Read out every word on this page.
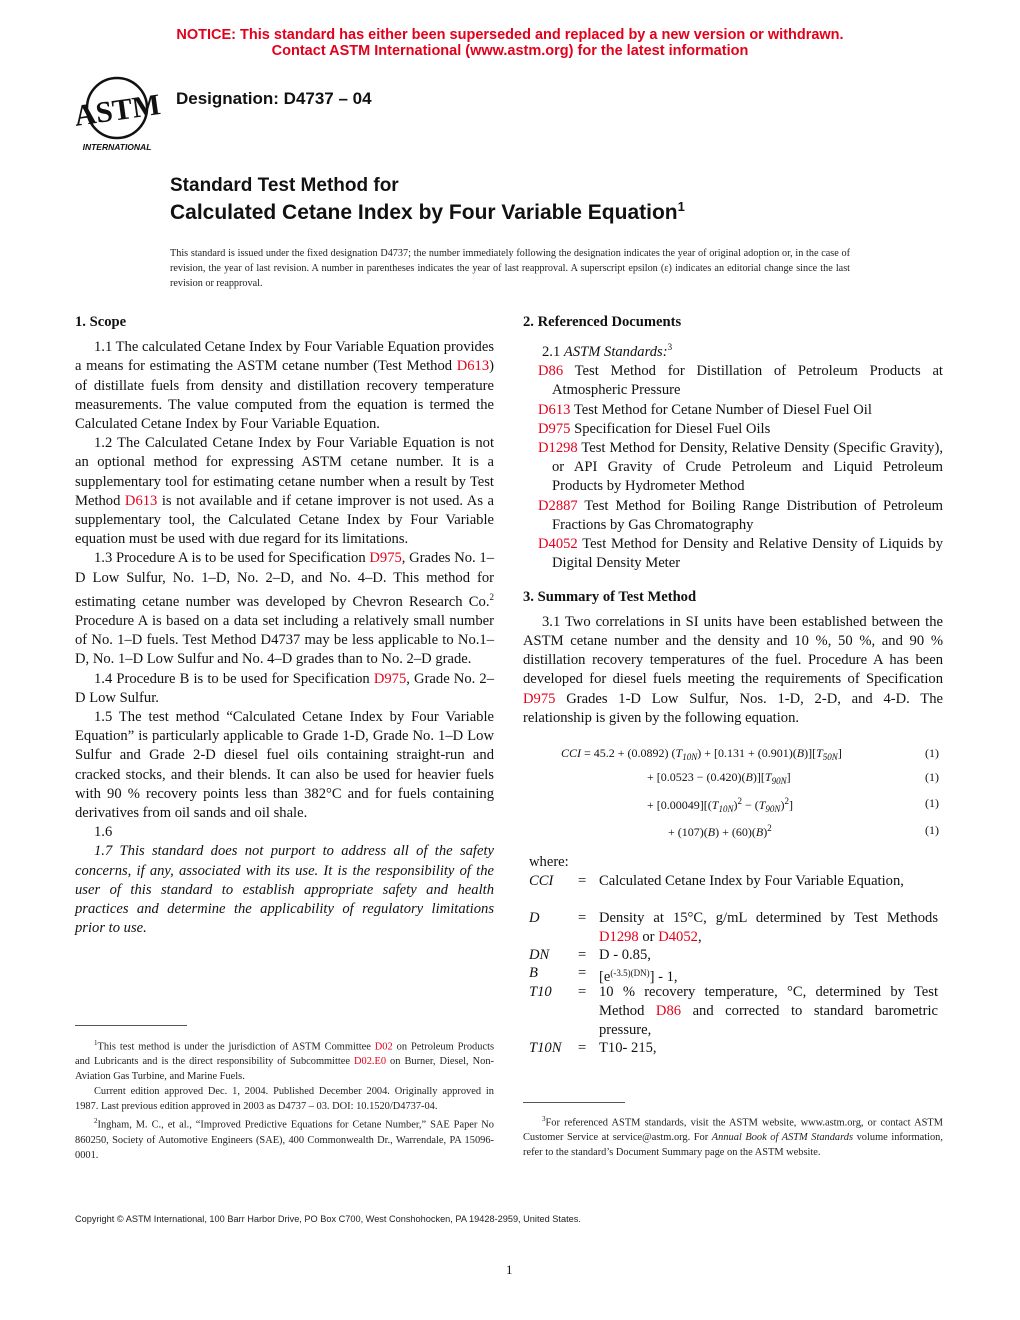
NOTICE: This standard has either been superseded and replaced by a new version or withdrawn.
Contact ASTM International (www.astm.org) for the latest information
ASTM
INTERNATIONAL
Designation: D4737 – 04
Standard Test Method for
Calculated Cetane Index by Four Variable Equation$^1$
This standard is issued under the fixed designation D4737; the number immediately following the designation indicates the year of original adoption or, in the case of revision, the year of last revision. A number in parentheses indicates the year of last reapproval. A superscript epsilon (ε) indicates an editorial change since the last revision or reapproval.
1. Scope

1.1 The calculated Cetane Index by Four Variable Equation provides a means for estimating the ASTM cetane number (Test Method D613) of distillate fuels from density and distillation recovery temperature measurements. The value computed from the equation is termed the Calculated Cetane Index by Four Variable Equation.

1.2 The Calculated Cetane Index by Four Variable Equation is not an optional method for expressing ASTM cetane number. It is a supplementary tool for estimating cetane number when a result by Test Method D613 is not available and if cetane improver is not used. As a supplementary tool, the Calculated Cetane Index by Four Variable equation must be used with due regard for its limitations.

1.3 Procedure A is to be used for Specification D975, Grades No. 1–D Low Sulfur, No. 1–D, No. 2–D, and No. 4–D. This method for estimating cetane number was developed by Chevron Research Co.$^2$ Procedure A is based on a data set including a relatively small number of No. 1–D fuels. Test Method D4737 may be less applicable to No.1–D, No. 1–D Low Sulfur and No. 4–D grades than to No. 2–D grade.

1.4 Procedure B is to be used for Specification D975, Grade No. 2–D Low Sulfur.

1.5 The test method “Calculated Cetane Index by Four Variable Equation” is particularly applicable to Grade 1-D, Grade No. 1–D Low Sulfur and Grade 2-D diesel fuel oils containing straight-run and cracked stocks, and their blends. It can also be used for heavier fuels with 90 % recovery points less than 382°C and for fuels containing derivatives from oil sands and oil shale.

1.6

1.7 This standard does not purport to address all of the safety concerns, if any, associated with its use. It is the responsibility of the user of this standard to establish appropriate safety and health practices and determine the applicability of regulatory limitations prior to use.

$^1$This test method is under the jurisdiction of ASTM Committee D02 on Petroleum Products and Lubricants and is the direct responsibility of Subcommittee D02.E0 on Burner, Diesel, Non-Aviation Gas Turbine, and Marine Fuels.

Current edition approved Dec. 1, 2004. Published December 2004. Originally approved in 1987. Last previous edition approved in 2003 as D4737 – 03. DOI: 10.1520/D4737-04.

$^2$Ingham, M. C., et al., “Improved Predictive Equations for Cetane Number,” SAE Paper No 860250, Society of Automotive Engineers (SAE), 400 Commonwealth Dr., Warrendale, PA 15096-0001.

2. Referenced Documents

2.1 ASTM Standards:$^3$

D86 Test Method for Distillation of Petroleum Products at Atmospheric Pressure

D613 Test Method for Cetane Number of Diesel Fuel Oil

D975 Specification for Diesel Fuel Oils

D1298 Test Method for Density, Relative Density (Specific Gravity), or API Gravity of Crude Petroleum and Liquid Petroleum Products by Hydrometer Method

D2887 Test Method for Boiling Range Distribution of Petroleum Fractions by Gas Chromatography

D4052 Test Method for Density and Relative Density of Liquids by Digital Density Meter

3. Summary of Test Method

3.1 Two correlations in SI units have been established between the ASTM cetane number and the density and 10 %, 50 %, and 90 % distillation recovery temperatures of the fuel. Procedure A has been developed for diesel fuels meeting the requirements of Specification D975 Grades 1-D Low Sulfur, Nos. 1-D, 2-D, and 4-D. The relationship is given by the following equation.

CCI = 45.2 + (0.0892) $(T_{10N}) + [0.131 + (0.901)(B)][T_{50N}]$
+ $[0.0523 - (0.420)(B)][T_{90N}]$
+ $[0.00049][(T_{10N})^2 - (T_{90N})^2]$
+ $(107)(B) + (60)(B)^2$
(1)
(1)
(1)
(1)
where:
CCI = Calculated Cetane Index by Four Variable Equation,
D	= Density at 15°C, g/mL determined by Test Methods D1298 or D4052,
DN = D - 0.85,
B	= $[e^{(-3.5)(DN)}] - 1$,
T10 = 10 % recovery temperature, °C, determined by Test Method D86 and corrected to standard barometric pressure,
T10N = T10- 215,

$^3$For referenced ASTM standards, visit the ASTM website, www.astm.org, or contact ASTM Customer Service at service@astm.org. For Annual Book of ASTM Standards volume information, refer to the standard’s Document Summary page on the ASTM website.

Copyright © ASTM International, 100 Barr Harbor Drive, PO Box C700, West Conshohocken, PA 19428-2959, United States.
1
